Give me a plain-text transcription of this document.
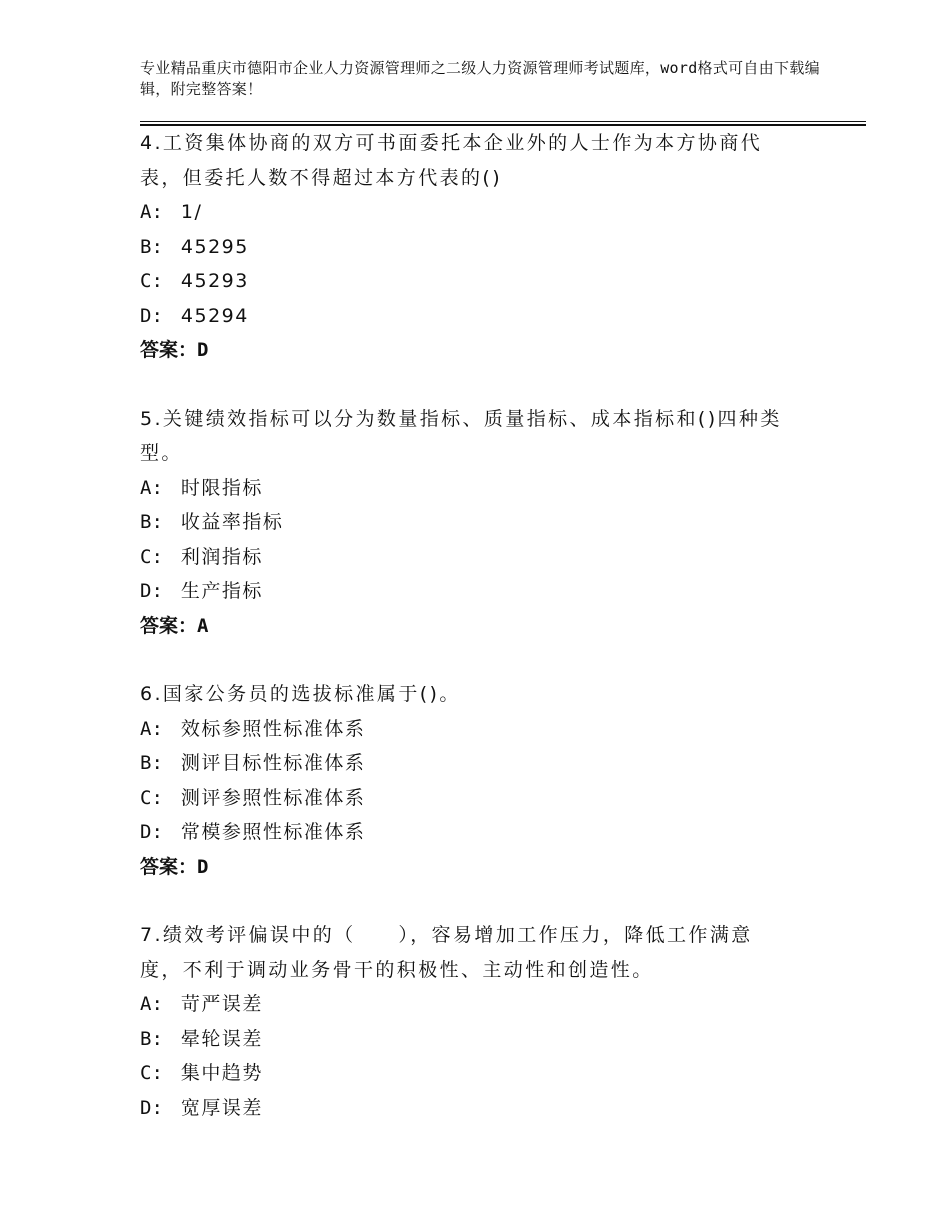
专业精品重庆市德阳市企业人力资源管理师之二级人力资源管理师考试题库，word格式可自由下载编辑，附完整答案！
4.工资集体协商的双方可书面委托本企业外的人士作为本方协商代表，但委托人数不得超过本方代表的()
A: 1/
B: 45295
C: 45293
D: 45294
答案：D
5.关键绩效指标可以分为数量指标、质量指标、成本指标和()四种类型。
A: 时限指标
B: 收益率指标
C: 利润指标
D: 生产指标
答案：A
6.国家公务员的选拔标准属于()。
A: 效标参照性标准体系
B: 测评目标性标准体系
C: 测评参照性标准体系
D: 常模参照性标准体系
答案：D
7.绩效考评偏误中的（　　），容易增加工作压力，降低工作满意度，不利于调动业务骨干的积极性、主动性和创造性。
A: 苛严误差
B: 晕轮误差
C: 集中趋势
D: 宽厚误差
